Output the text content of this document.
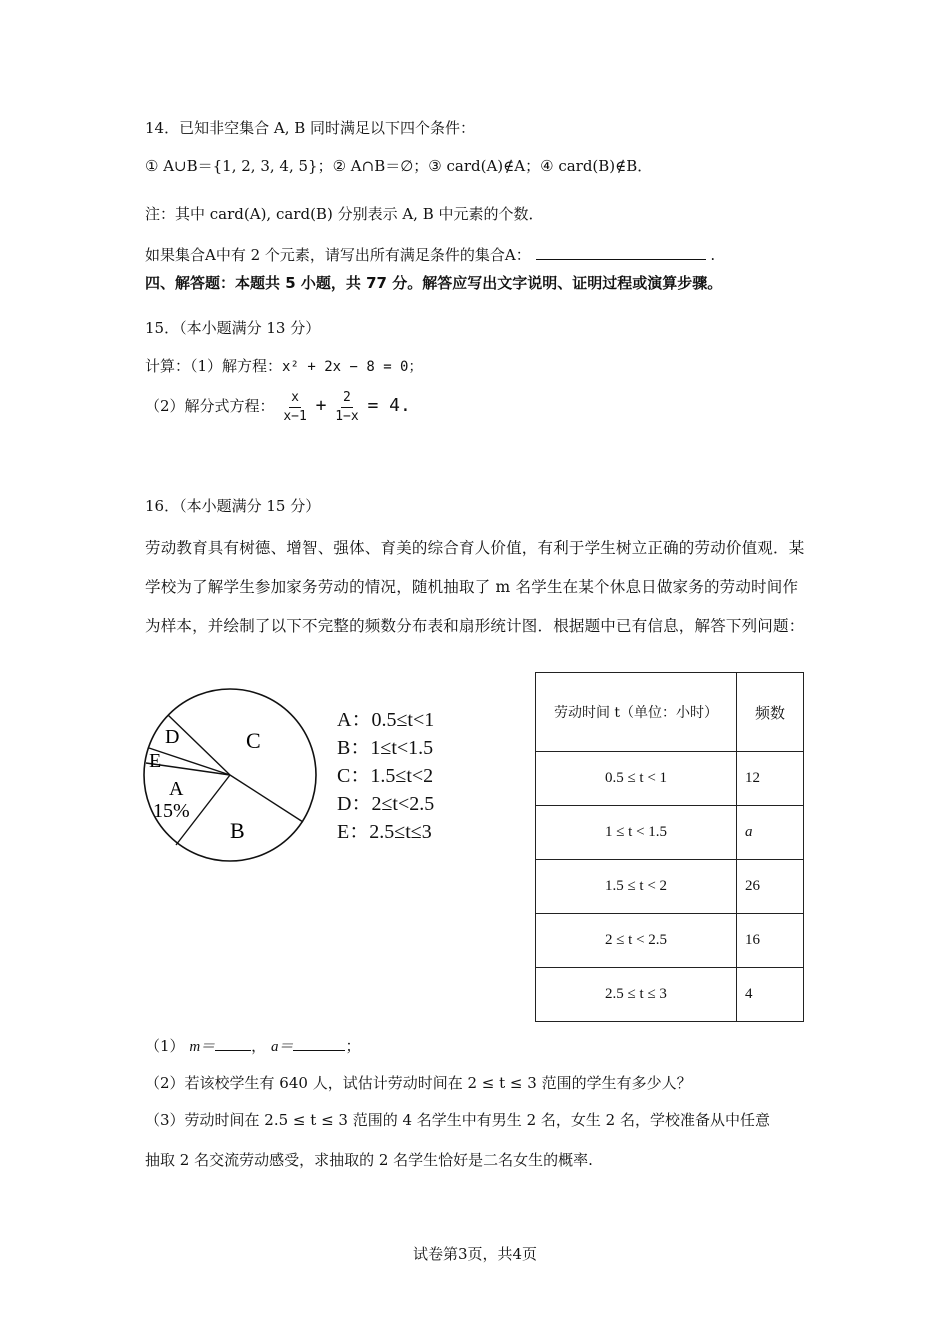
14．已知非空集合 A, B 同时满足以下四个条件：
① A∪B＝{1, 2, 3, 4, 5}；② A∩B＝∅；③ card(A)∉A；④ card(B)∉B．
注：其中 card(A), card(B) 分别表示 A, B 中元素的个数．
如果集合A中有 2 个元素，请写出所有满足条件的集合A：	.
四、解答题：本题共 5 小题，共 77 分。解答应写出文字说明、证明过程或演算步骤。
15．（本小题满分 13 分）
计算：（1）解方程：x² + 2x − 8 = 0；
（2）解分式方程： $\frac{x}{x-1} + \frac{2}{1-x} = 4$.
16．（本小题满分 15 分）
劳动教育具有树德、增智、强体、育美的综合育人价值，有利于学生树立正确的劳动价值观．某学校为了解学生参加家务劳动的情况，随机抽取了 m 名学生在某个休息日做家务的劳动时间作为样本，并绘制了以下不完整的频数分布表和扇形统计图．根据题中已有信息，解答下列问题：
C
D
E
A
15%
B
A：0.5≤t<1
B：1≤t<1.5
C：1.5≤t<2
D：2≤t<2.5
E：2.5≤t≤3
劳动时间 t（单位：小时）	频数
0.5 ≤ t < 1	12
1 ≤ t < 1.5	a
1.5 ≤ t < 2	26
2 ≤ t < 2.5	16
2.5 ≤ t ≤ 3	4
（1） m＝ ， a＝	；
（2）若该校学生有 640 人，试估计劳动时间在 2 ≤ t ≤ 3 范围的学生有多少人？
（3）劳动时间在 2.5 ≤ t ≤ 3 范围的 4 名学生中有男生 2 名，女生 2 名，学校准备从中任意
抽取 2 名交流劳动感受，求抽取的 2 名学生恰好是二名女生的概率.
试卷第3页，共4页
